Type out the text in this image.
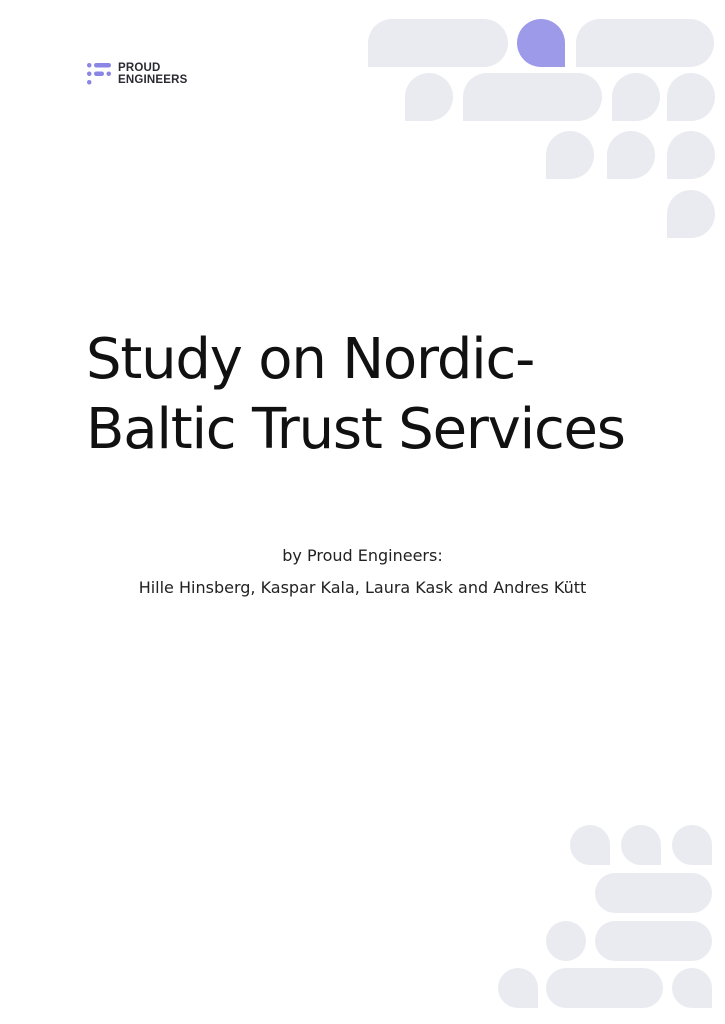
PROUD
ENGINEERS
Study on Nordic-
Baltic Trust Services
by Proud Engineers:
Hille Hinsberg, Kaspar Kala, Laura Kask and Andres Kütt
